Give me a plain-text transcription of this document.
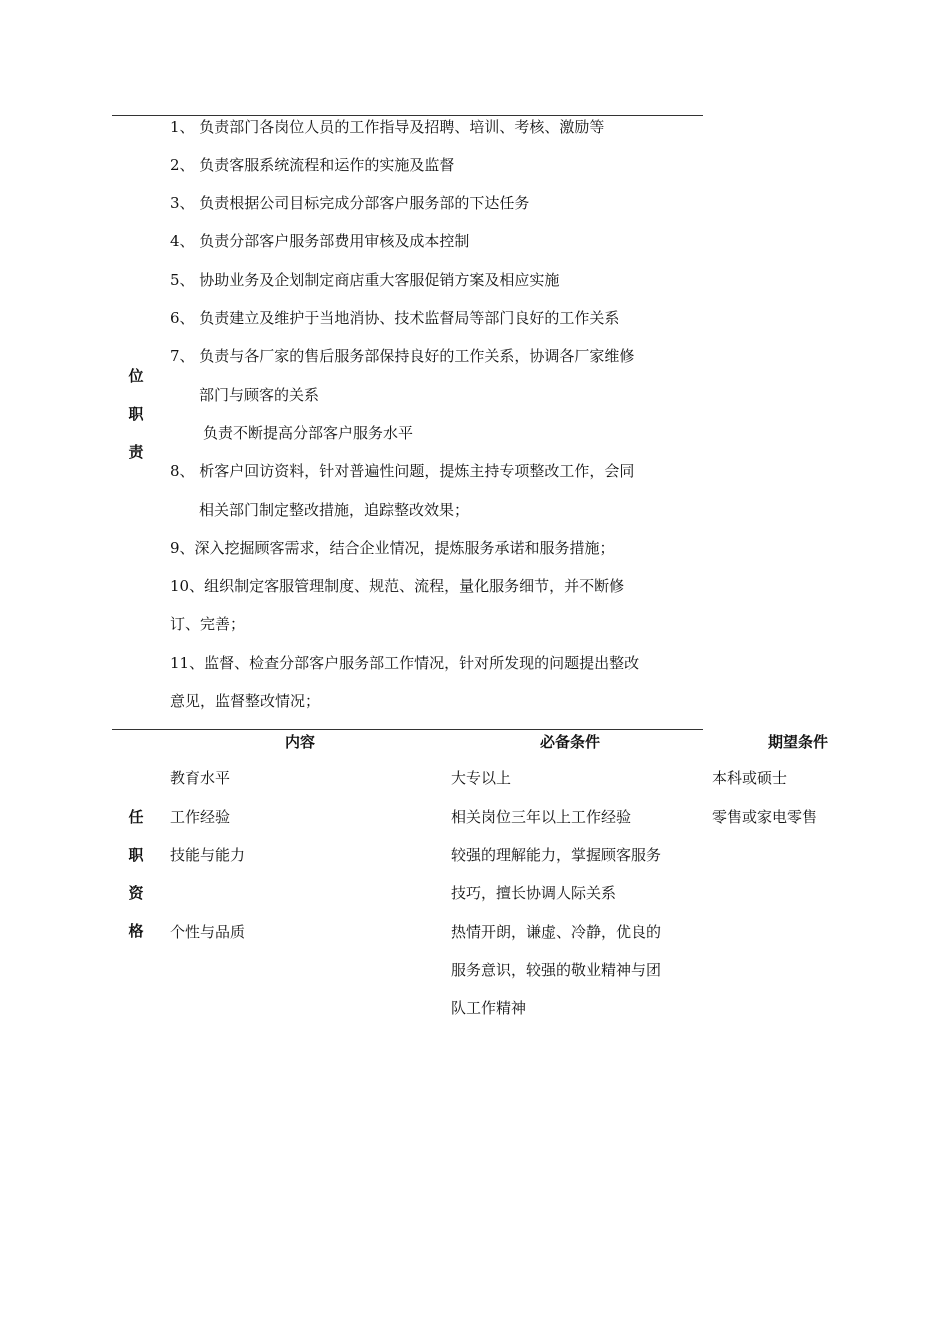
位
职
责
1、 负责部门各岗位人员的工作指导及招聘、培训、考核、激励等
2、 负责客服系统流程和运作的实施及监督
3、 负责根据公司目标完成分部客户服务部的下达任务
4、 负责分部客户服务部费用审核及成本控制
5、 协助业务及企划制定商店重大客服促销方案及相应实施
6、 负责建立及维护于当地消协、技术监督局等部门良好的工作关系
7、 负责与各厂家的售后服务部保持良好的工作关系，协调各厂家维修
部门与顾客的关系
负责不断提高分部客户服务水平
8、 析客户回访资料，针对普遍性问题，提炼主持专项整改工作，会同
相关部门制定整改措施，追踪整改效果；
9、深入挖掘顾客需求，结合企业情况，提炼服务承诺和服务措施；
10、组织制定客服管理制度、规范、流程，量化服务细节，并不断修
订、完善；
11、监督、检查分部客户服务部工作情况，针对所发现的问题提出整改
意见，监督整改情况；
内容	必备条件	期望条件
任
职
资
格
教育水平	大专以上	本科或硕士
工作经验	相关岗位三年以上工作经验	零售或家电零售
技能与能力	较强的理解能力，掌握顾客服务
技巧，擅长协调人际关系
个性与品质	热情开朗，谦虚、冷静，优良的
服务意识，较强的敬业精神与团
队工作精神
